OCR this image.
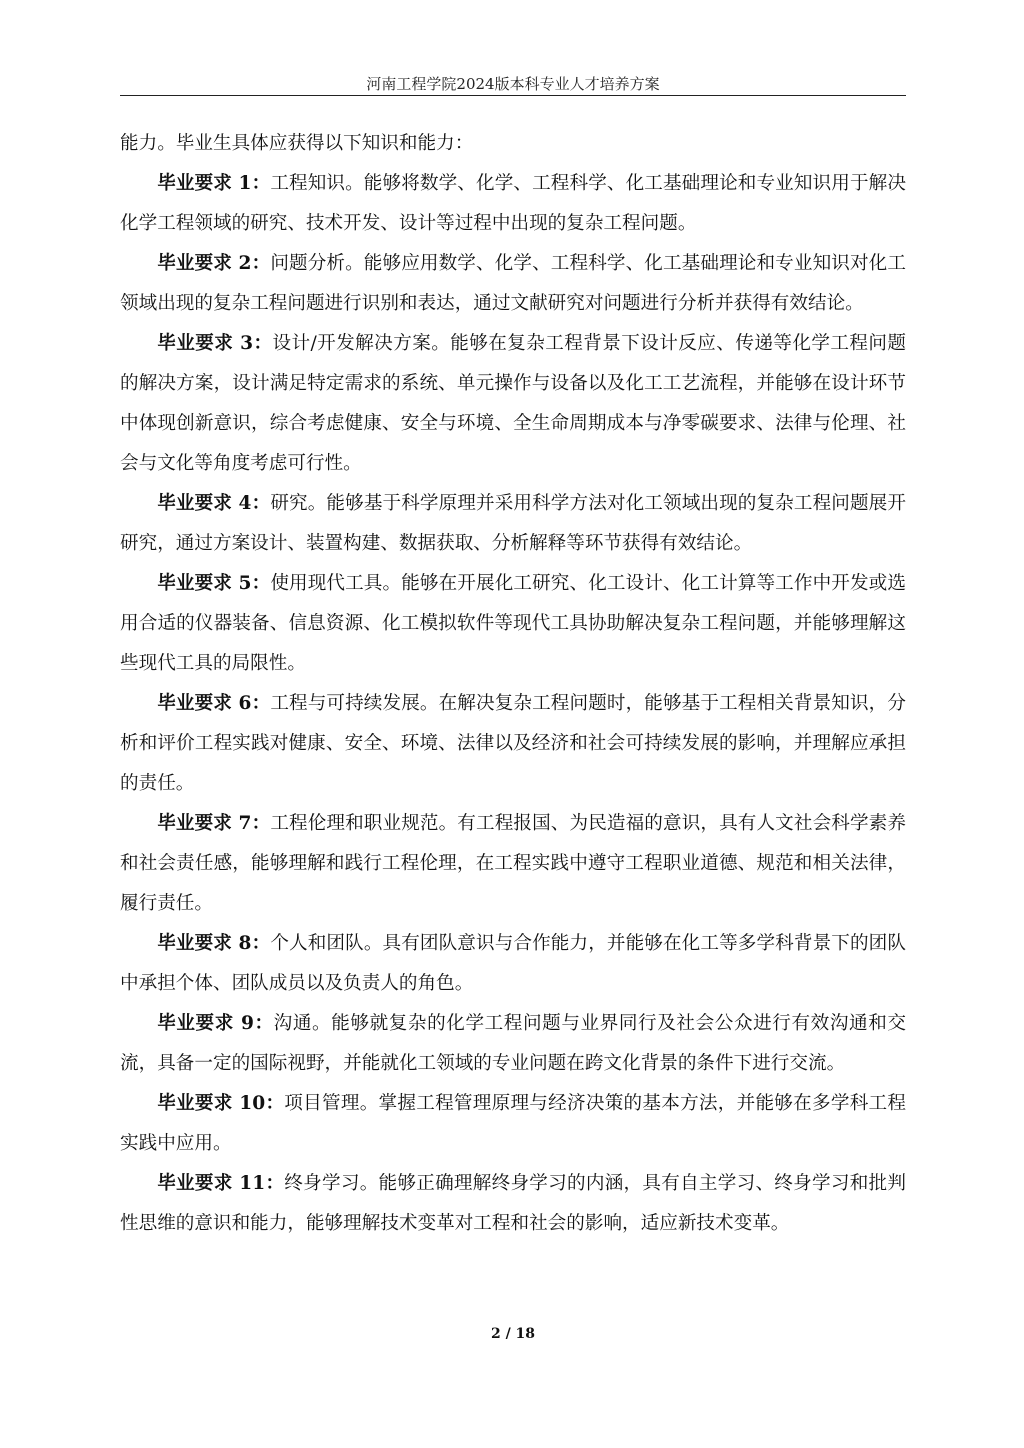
河南工程学院2024版本科专业人才培养方案

能力。毕业生具体应获得以下知识和能力：

毕业要求 1：工程知识。能够将数学、化学、工程科学、化工基础理论和专业知识用于解决化学工程领域的研究、技术开发、设计等过程中出现的复杂工程问题。

毕业要求 2：问题分析。能够应用数学、化学、工程科学、化工基础理论和专业知识对化工领域出现的复杂工程问题进行识别和表达，通过文献研究对问题进行分析并获得有效结论。

毕业要求 3：设计/开发解决方案。能够在复杂工程背景下设计反应、传递等化学工程问题的解决方案，设计满足特定需求的系统、单元操作与设备以及化工工艺流程，并能够在设计环节中体现创新意识，综合考虑健康、安全与环境、全生命周期成本与净零碳要求、法律与伦理、社会与文化等角度考虑可行性。

毕业要求 4：研究。能够基于科学原理并采用科学方法对化工领域出现的复杂工程问题展开研究，通过方案设计、装置构建、数据获取、分析解释等环节获得有效结论。

毕业要求 5：使用现代工具。能够在开展化工研究、化工设计、化工计算等工作中开发或选用合适的仪器装备、信息资源、化工模拟软件等现代工具协助解决复杂工程问题，并能够理解这些现代工具的局限性。

毕业要求 6：工程与可持续发展。在解决复杂工程问题时，能够基于工程相关背景知识，分析和评价工程实践对健康、安全、环境、法律以及经济和社会可持续发展的影响，并理解应承担的责任。

毕业要求 7：工程伦理和职业规范。有工程报国、为民造福的意识，具有人文社会科学素养和社会责任感，能够理解和践行工程伦理，在工程实践中遵守工程职业道德、规范和相关法律，履行责任。

毕业要求 8：个人和团队。具有团队意识与合作能力，并能够在化工等多学科背景下的团队中承担个体、团队成员以及负责人的角色。

毕业要求 9：沟通。能够就复杂的化学工程问题与业界同行及社会公众进行有效沟通和交流，具备一定的国际视野，并能就化工领域的专业问题在跨文化背景的条件下进行交流。

毕业要求 10：项目管理。掌握工程管理原理与经济决策的基本方法，并能够在多学科工程实践中应用。

毕业要求 11：终身学习。能够正确理解终身学习的内涵，具有自主学习、终身学习和批判性思维的意识和能力，能够理解技术变革对工程和社会的影响，适应新技术变革。

2 / 18
